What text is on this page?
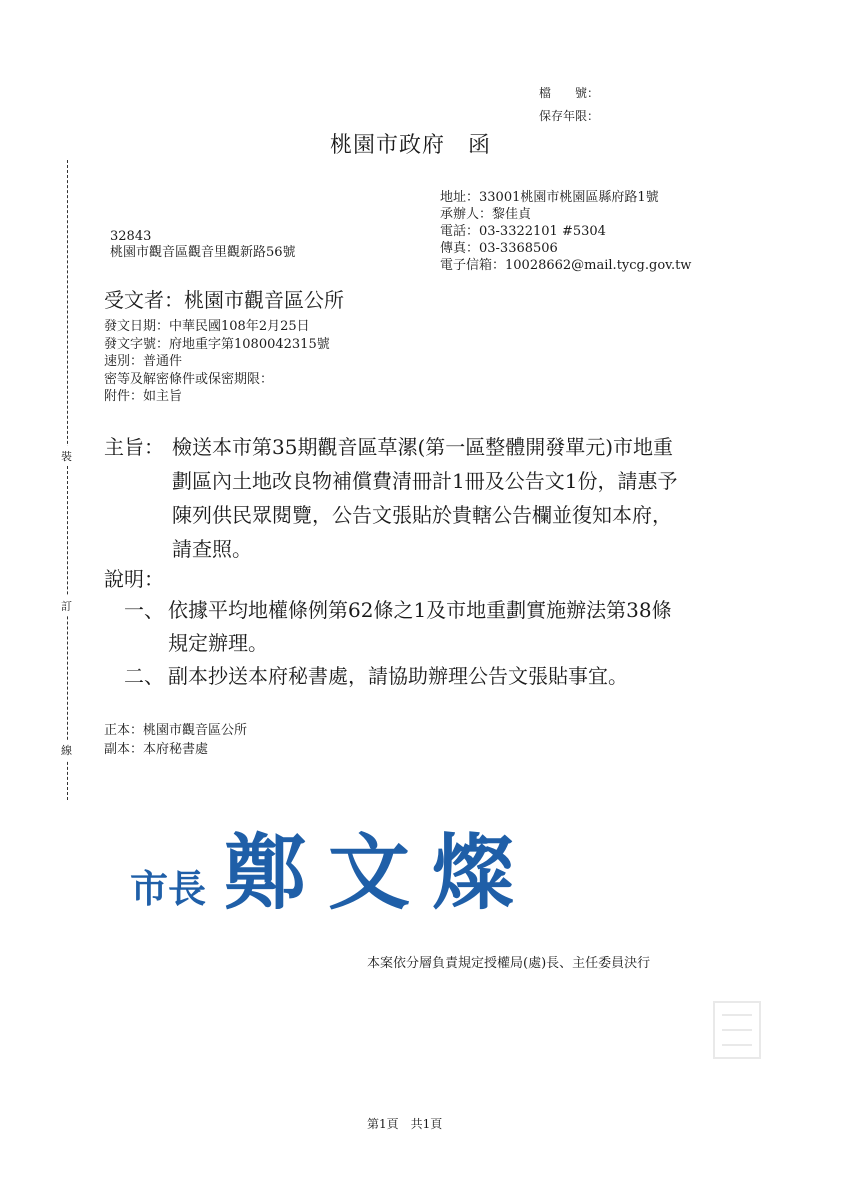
檔　　號：
保存年限：
桃園市政府　函
裝
訂
線
地址：33001桃園市桃園區縣府路1號
承辦人：黎佳貞
電話：03-3322101 #5304
傳真：03-3368506
電子信箱：10028662@mail.tycg.gov.tw
32843
桃園市觀音區觀音里觀新路56號
受文者：桃園市觀音區公所
發文日期：中華民國108年2月25日
發文字號：府地重字第1080042315號
速別：普通件
密等及解密條件或保密期限：
附件：如主旨
主旨： 檢送本市第35期觀音區草漯(第一區整體開發單元)市地重
劃區內土地改良物補償費清冊計1冊及公告文1份，請惠予
陳列供民眾閱覽，公告文張貼於貴轄公告欄並復知本府，
請查照。
說明：
一、 依據平均地權條例第62條之1及市地重劃實施辦法第38條
規定辦理。
二、 副本抄送本府秘書處，請協助辦理公告文張貼事宜。
正本：桃園市觀音區公所
副本：本府秘書處
市長 鄭文燦
本案依分層負責規定授權局(處)長、主任委員決行
第1頁　共1頁
